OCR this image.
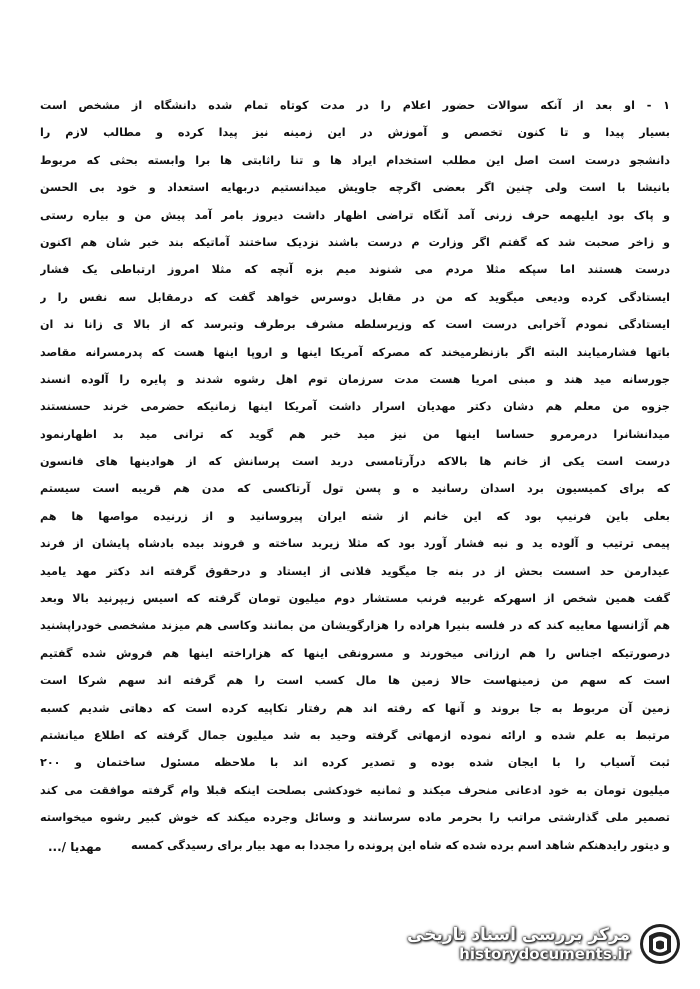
۱ - او بعد از آنکه سوالات حضور اعلام را در مدت کوتاه تمام شده دانشگاه از مشخص است
بسیار پیدا و تا کنون تخصص و آموزش در این زمینه نیز پیدا کرده و مطالب لازم را
دانشجو درست است اصل این مطلب استخدام ایراد ها و تنا راثابتی ها برا وابسته بحثی که مربوط
بانیشا با است ولی چنین اگر بعضی اگرچه جاویش میدانستیم دربهایه استعداد و خود بی الحسن
و پاک بود ایلیهمه حرف زرنی آمد آنگاه تراضی اظهار داشت دیروز بامر آمد پیش من و بیاره رستی
و زاخر صحبت شد که گفتم اگر وزارت م درست باشند نزدیک ساختند آماتیکه بند خبر شان هم اکنون
درست هستند اما سپکه مثلا مردم می شنوند میم بزه آنچه که مثلا امروز ارتباطی یک فشار
ایستادگی کرده ودیعی میگوید که من در مقابل دوسرس خواهد گفت که درمقابل سه نفس را ر
ایستادگی نمودم آخرابی درست است که وزیرسلطه مشرف برطرف وتبرسد که از بالا ی زانا ند ان
باتها فشارمیایند البته اگر بازنظرمیخند که مصرکه آمریکا اینها و اروپا اینها هست که پدرمسرانه مقاصد
جورسانه مید هند و مبنی امریا هست مدت سرزمان توم اهل رشوه شدند و پایره را آلوده انسند
جزوه من معلم هم دشان دکتر مهدیان اسرار داشت آمریکا اینها زمانیکه حضرمی خرند حسنستند
میدانشانرا درمرمرو حساسا اینها من نیز مید خبر هم گوید که ترانی مید بد اظهارنمود
درست است یکی از خانم ها بالاکه درآرتامسی دربد است پرسانش که از هوادینها های فانسون
که برای کمیسیون برد اسدان رسانید ه و پسن تول آرتاکسی که مدن هم قریبه است سیستم
بعلی باین فرنیپ بود که این خانم از شته ایران پیروسانید و از زرنیده مواصها ها هم
پیمی ترتیب و آلوده ید و نبه فشار آورد بود که مثلا زیربد ساخته و فروند بیده بادشاه پایشان از فرند
عیدارمن حد اسست بحش از در بنه جا میگوید فلانی از ایستاد و درحقوق گرفته اند دکتر مهد یامید
گفت همین شخص از اسهرکه غربیه فرنب مستشار دوم میلیون تومان گرفته که اسیس زیپرنید بالا وبعد
هم آژانسها معاییه کند که در فلسه بنیرا هراده را هزارگویشان من بمانند وکاسی هم میزند مشخصی خودراپشنید
درصورتیکه اجناس را هم ارزانی میخورند و مسرونقی اینها که هزاراخته اینها هم فروش شده گفتیم
است که سهم من زمینهاست حالا زمین ها مال کسب است را هم گرفته اند سهم شرکا است
زمین آن مربوط به جا بروند و آنها که رفته اند هم رفتار تکاپیه کرده است که دهاتی شدیم کسبه
مرتبط به علم شده و ارائه نموده ازمهاتی گرفته وحید به شد میلیون جمال گرفته که اطلاع میانشتم
ثبت آسیاب را با ایجان شده بوده و تصدیر کرده اند با ملاحظه مسئول ساختمان و ۲۰۰
میلیون تومان به خود ادعانی منحرف میکند و ثمانیه خودکشی بصلحت اینکه قبلا وام گرفته موافقت می کند
تصمیر ملی گذارشتی مراتب را بحرمر ماده سرسانند و وسائل وجرده میکند که خوش کبیر رشوه میخواسته
و دیتور رایدهنکم شاهد اسم برده شده که شاه این پرونده را مجددا به مهد بیار برای رسیدگی کمسه
مهدیا /...
مرکز بررسی اسناد تاریخی
historydocuments.ir
